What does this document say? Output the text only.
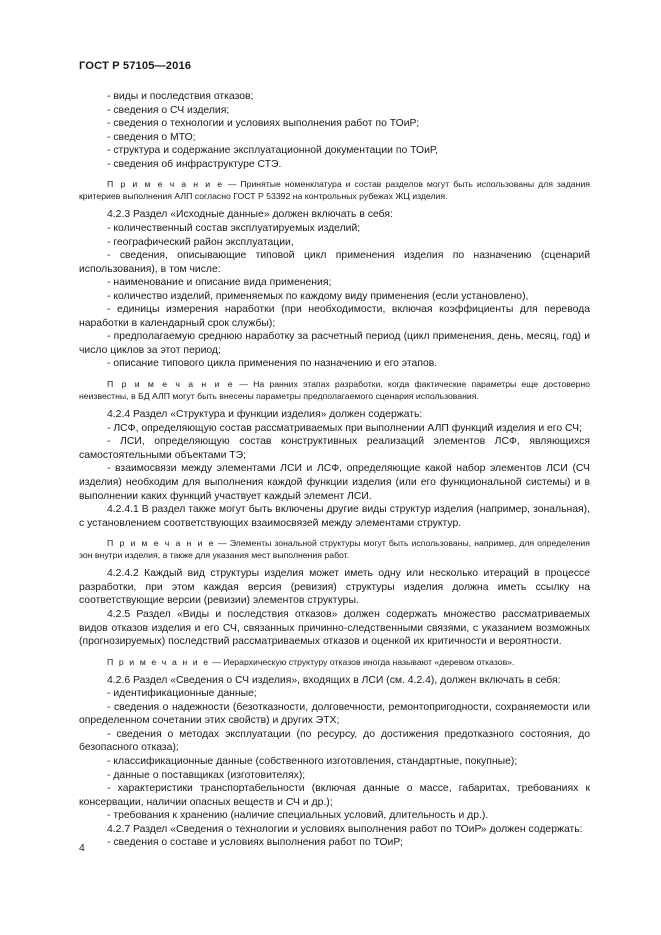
ГОСТ Р 57105—2016

- виды и последствия отказов;

- сведения о СЧ изделия;

- сведения о технологии и условиях выполнения работ по ТОиР;

- сведения о МТО;

- структура и содержание эксплуатационной документации по ТОиР,

- сведения об инфраструктуре СТЭ.

П р и м е ч а н и е — Принятые номенклатура и состав разделов могут быть использованы для задания критериев выполнения АЛП согласно ГОСТ Р 53392 на контрольных рубежах ЖЦ изделия.

4.2.3 Раздел «Исходные данные» должен включать в себя:

- количественный состав эксплуатируемых изделий;

- географический район эксплуатации,

- сведения, описывающие типовой цикл применения изделия по назначению (сценарий использования), в том числе:

- наименование и описание вида применения;

- количество изделий, применяемых по каждому виду применения (если установлено),

- единицы измерения наработки (при необходимости, включая коэффициенты для перевода наработки в календарный срок службы);

- предполагаемую среднюю наработку за расчетный период (цикл применения, день, месяц, год) и число циклов за этот период;

- описание типового цикла применения по назначению и его этапов.

П р и м е ч а н и е — На ранних этапах разработки, когда фактические параметры еще достоверно неизвестны, в БД АЛП могут быть внесены параметры предполагаемого сценария использования.

4.2.4 Раздел «Структура и функции изделия» должен содержать:

- ЛСФ, определяющую состав рассматриваемых при выполнении АЛП функций изделия и его СЧ;

- ЛСИ, определяющую состав конструктивных реализаций элементов ЛСФ, являющихся самостоятельными объектами ТЭ;

- взаимосвязи между элементами ЛСИ и ЛСФ, определяющие какой набор элементов ЛСИ (СЧ изделия) необходим для выполнения каждой функции изделия (или его функциональной системы) и в выполнении каких функций участвует каждый элемент ЛСИ.

4.2.4.1 В раздел также могут быть включены другие виды структур изделия (например, зональная), с установлением соответствующих взаимосвязей между элементами структур.

П р и м е ч а н и е — Элементы зональной структуры могут быть использованы, например, для определения зон внутри изделия, а также для указания мест выполнения работ.

4.2.4.2 Каждый вид структуры изделия может иметь одну или несколько итераций в процессе разработки, при этом каждая версия (ревизия) структуры изделия должна иметь ссылку на соответствующие версии (ревизии) элементов структуры.

4.2.5 Раздел «Виды и последствия отказов» должен содержать множество рассматриваемых видов отказов изделия и его СЧ, связанных причинно-следственными связями, с указанием возможных (прогнозируемых) последствий рассматриваемых отказов и оценкой их критичности и вероятности.

П р и м е ч а н и е — Иерархическую структуру отказов иногда называют «деревом отказов».

4.2.6 Раздел «Сведения о СЧ изделия», входящих в ЛСИ (см. 4.2.4), должен включать в себя:

- идентификационные данные;

- сведения о надежности (безотказности, долговечности, ремонтопригодности, сохраняемости или определенном сочетании этих свойств) и других ЭТХ;

- сведения о методах эксплуатации (по ресурсу, до достижения предотказного состояния, до безопасного отказа);

- классификационные данные (собственного изготовления, стандартные, покупные);

- данные о поставщиках (изготовителях);

- характеристики транспортабельности (включая данные о массе, габаритах, требованиях к консервации, наличии опасных веществ и СЧ и др.);

- требования к хранению (наличие специальных условий, длительность и др.).

4.2.7 Раздел «Сведения о технологии и условиях выполнения работ по ТОиР» должен содержать:

- сведения о составе и условиях выполнения работ по ТОиР;

4
